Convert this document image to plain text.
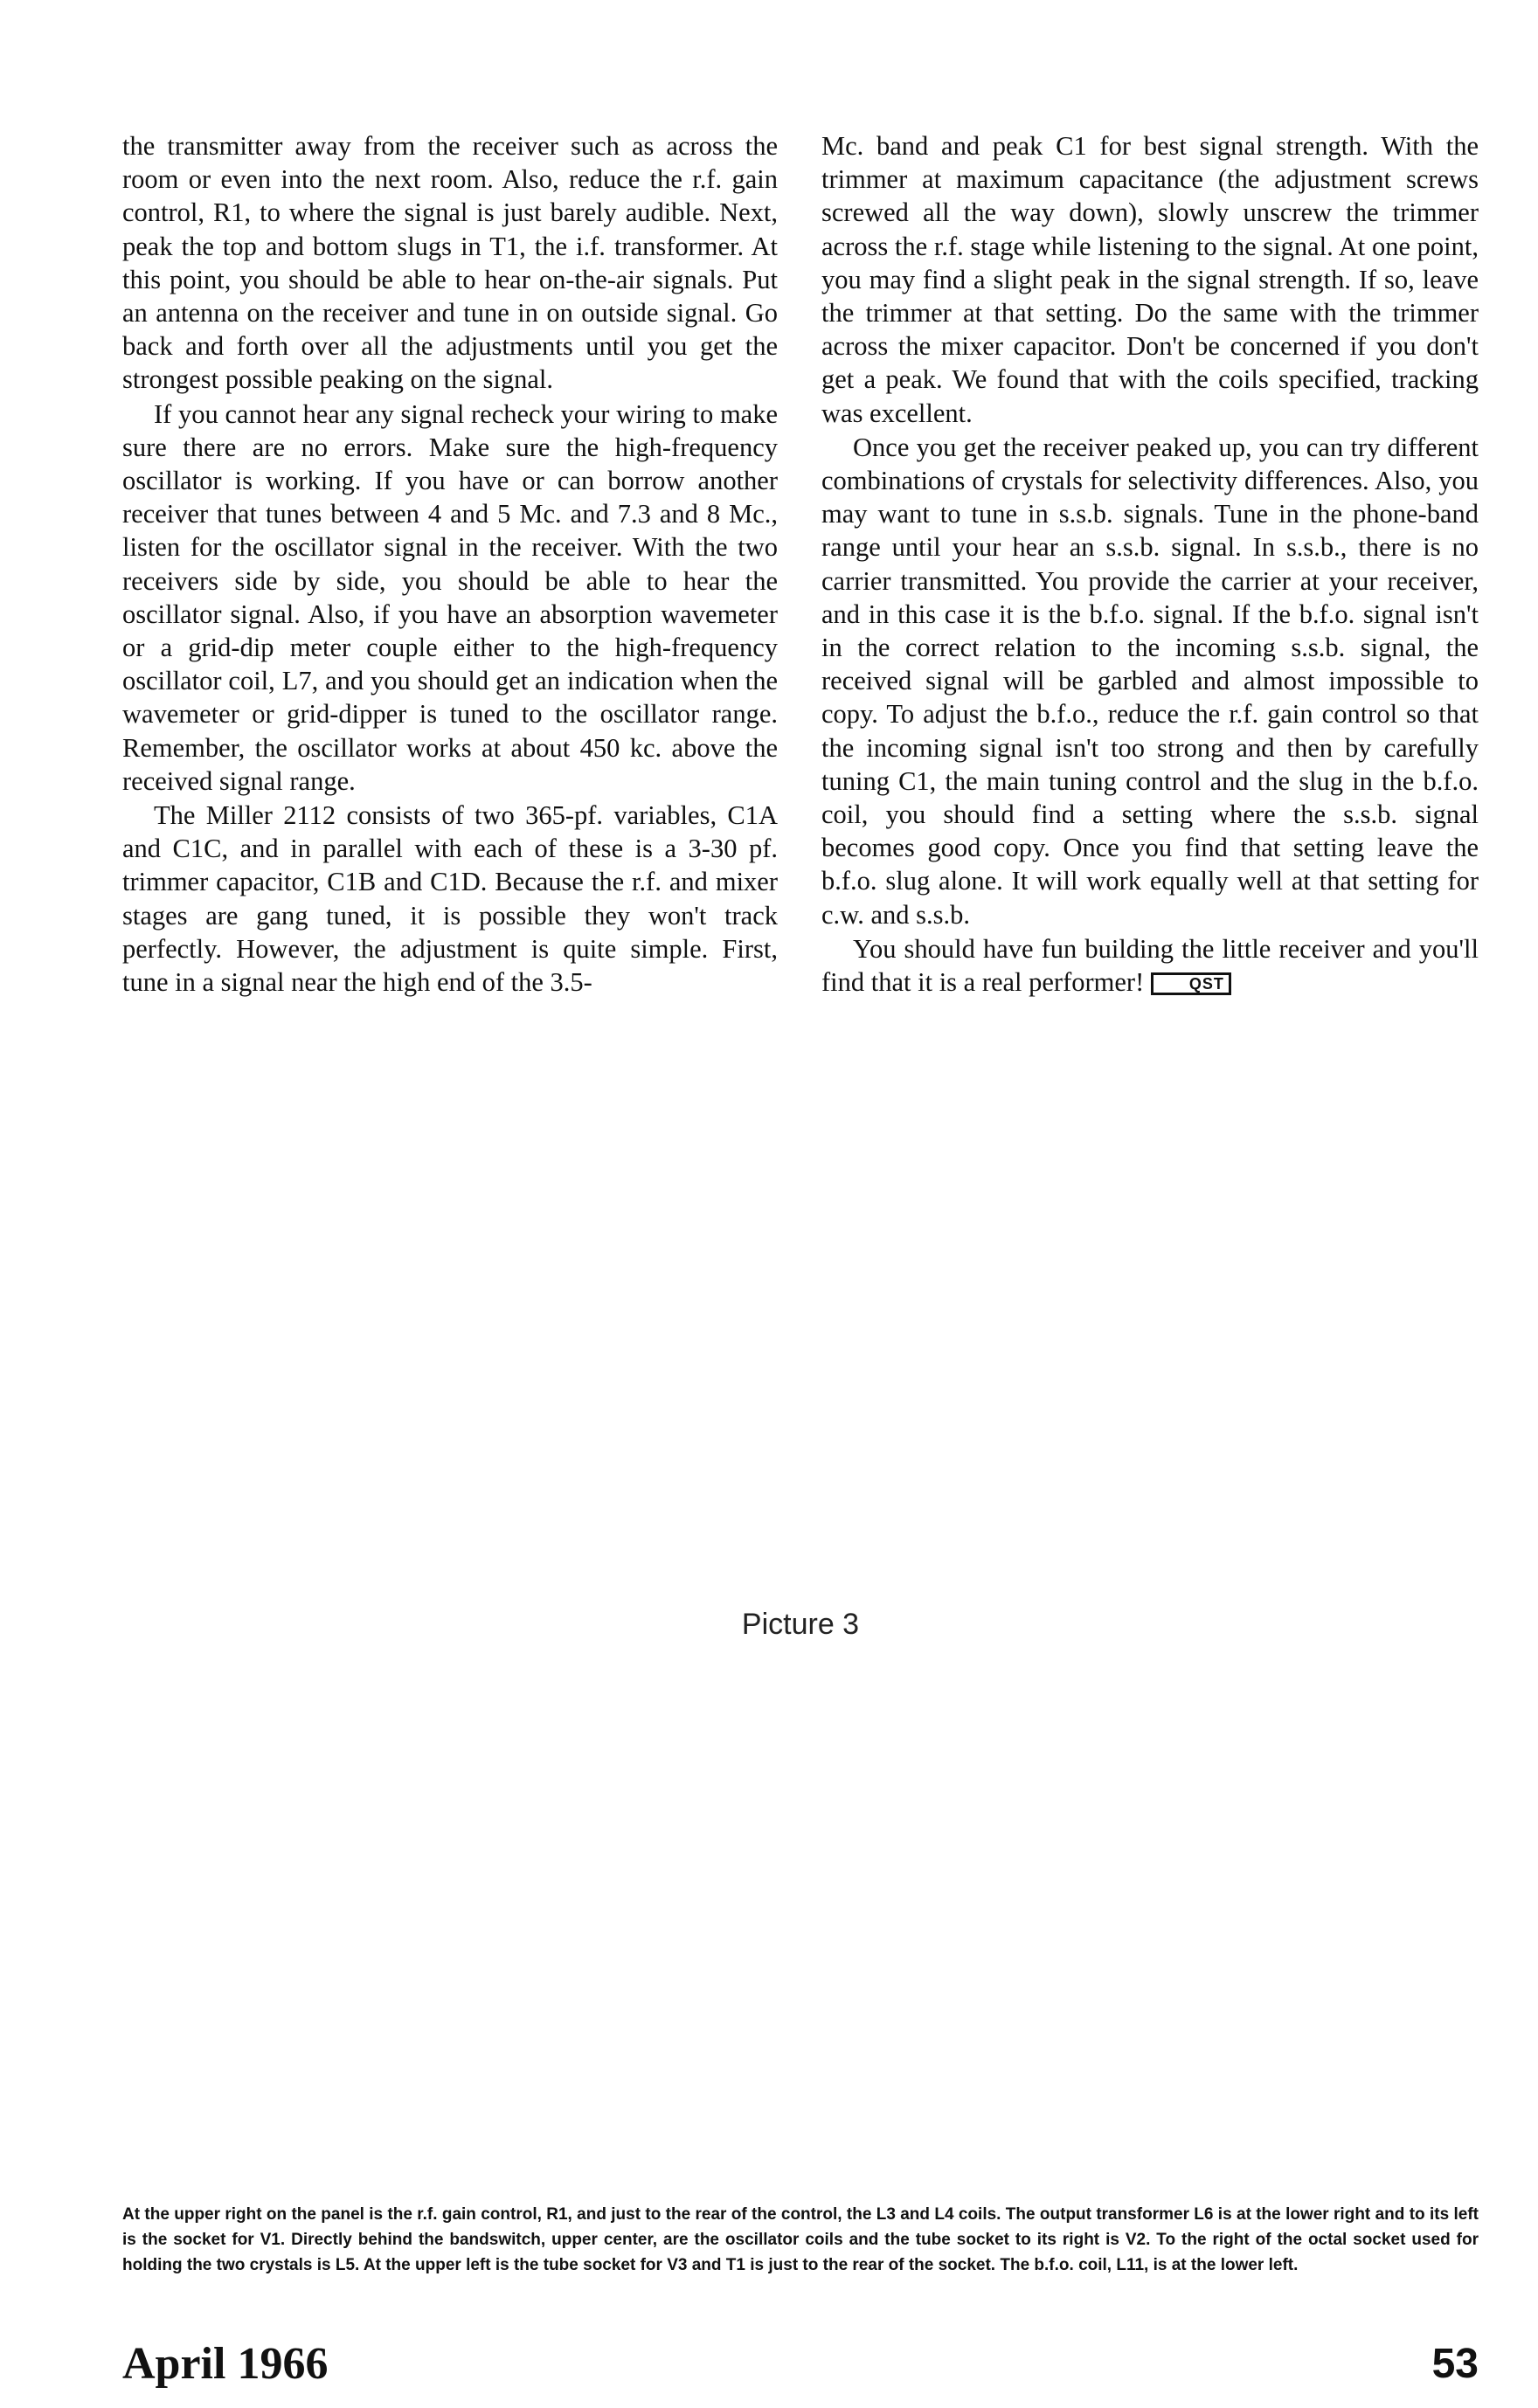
the transmitter away from the receiver such as across the room or even into the next room. Also, reduce the r.f. gain control, R1, to where the signal is just barely audible. Next, peak the top and bottom slugs in T1, the i.f. transformer. At this point, you should be able to hear on-the-air signals. Put an antenna on the receiver and tune in on outside signal. Go back and forth over all the adjustments until you get the strongest possible peaking on the signal.

If you cannot hear any signal recheck your wiring to make sure there are no errors. Make sure the high-frequency oscillator is working. If you have or can borrow another receiver that tunes between 4 and 5 Mc. and 7.3 and 8 Mc., listen for the oscillator signal in the receiver. With the two receivers side by side, you should be able to hear the oscillator signal. Also, if you have an absorption wavemeter or a grid-dip meter couple either to the high-frequency oscillator coil, L7, and you should get an indication when the wavemeter or grid-dipper is tuned to the oscillator range. Remember, the oscillator works at about 450 kc. above the received signal range.

The Miller 2112 consists of two 365-pf. variables, C1A and C1C, and in parallel with each of these is a 3-30 pf. trimmer capacitor, C1B and C1D. Because the r.f. and mixer stages are gang tuned, it is possible they won't track perfectly. However, the adjustment is quite simple. First, tune in a signal near the high end of the 3.5-

Mc. band and peak C1 for best signal strength. With the trimmer at maximum capacitance (the adjustment screws screwed all the way down), slowly unscrew the trimmer across the r.f. stage while listening to the signal. At one point, you may find a slight peak in the signal strength. If so, leave the trimmer at that setting. Do the same with the trimmer across the mixer capacitor. Don't be concerned if you don't get a peak. We found that with the coils specified, tracking was excellent.

Once you get the receiver peaked up, you can try different combinations of crystals for selectivity differences. Also, you may want to tune in s.s.b. signals. Tune in the phone-band range until your hear an s.s.b. signal. In s.s.b., there is no carrier transmitted. You provide the carrier at your receiver, and in this case it is the b.f.o. signal. If the b.f.o. signal isn't in the correct relation to the incoming s.s.b. signal, the received signal will be garbled and almost impossible to copy. To adjust the b.f.o., reduce the r.f. gain control so that the incoming signal isn't too strong and then by carefully tuning C1, the main tuning control and the slug in the b.f.o. coil, you should find a setting where the s.s.b. signal becomes good copy. Once you find that setting leave the b.f.o. slug alone. It will work equally well at that setting for c.w. and s.s.b.

You should have fun building the little receiver and you'll find that it is a real performer!	QST

Picture 3
At the upper right on the panel is the r.f. gain control, R1, and just to the rear of the control, the L3 and L4 coils. The output transformer L6 is at the lower right and to its left is the socket for V1. Directly behind the bandswitch, upper center, are the oscillator coils and the tube socket to its right is V2. To the right of the octal socket used for holding the two crystals is L5. At the upper left is the tube socket for V3 and T1 is just to the rear of the socket. The b.f.o. coil, L11, is at the lower left.
April 1966	53
